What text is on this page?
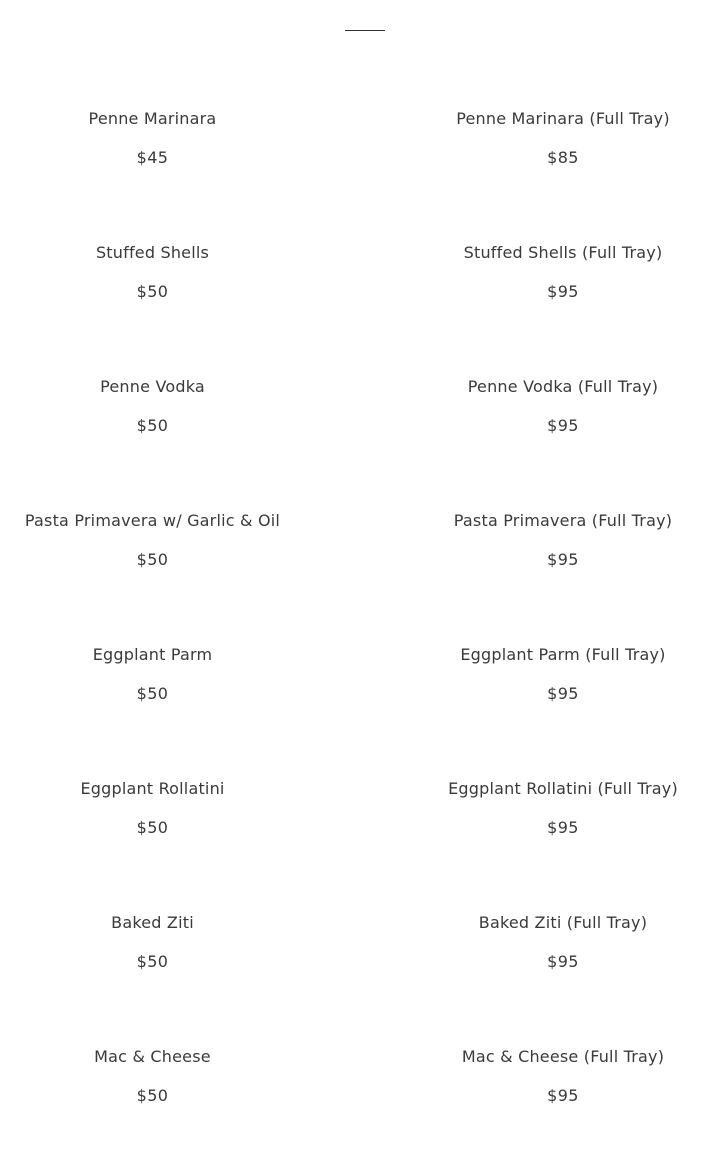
Penne Marinara
$45
Penne Marinara (Full Tray)
$85
Stuffed Shells
$50
Stuffed Shells (Full Tray)
$95
Penne Vodka
$50
Penne Vodka (Full Tray)
$95
Pasta Primavera w/ Garlic & Oil
$50
Pasta Primavera (Full Tray)
$95
Eggplant Parm
$50
Eggplant Parm (Full Tray)
$95
Eggplant Rollatini
$50
Eggplant Rollatini (Full Tray)
$95
Baked Ziti
$50
Baked Ziti (Full Tray)
$95
Mac & Cheese
$50
Mac & Cheese (Full Tray)
$95
